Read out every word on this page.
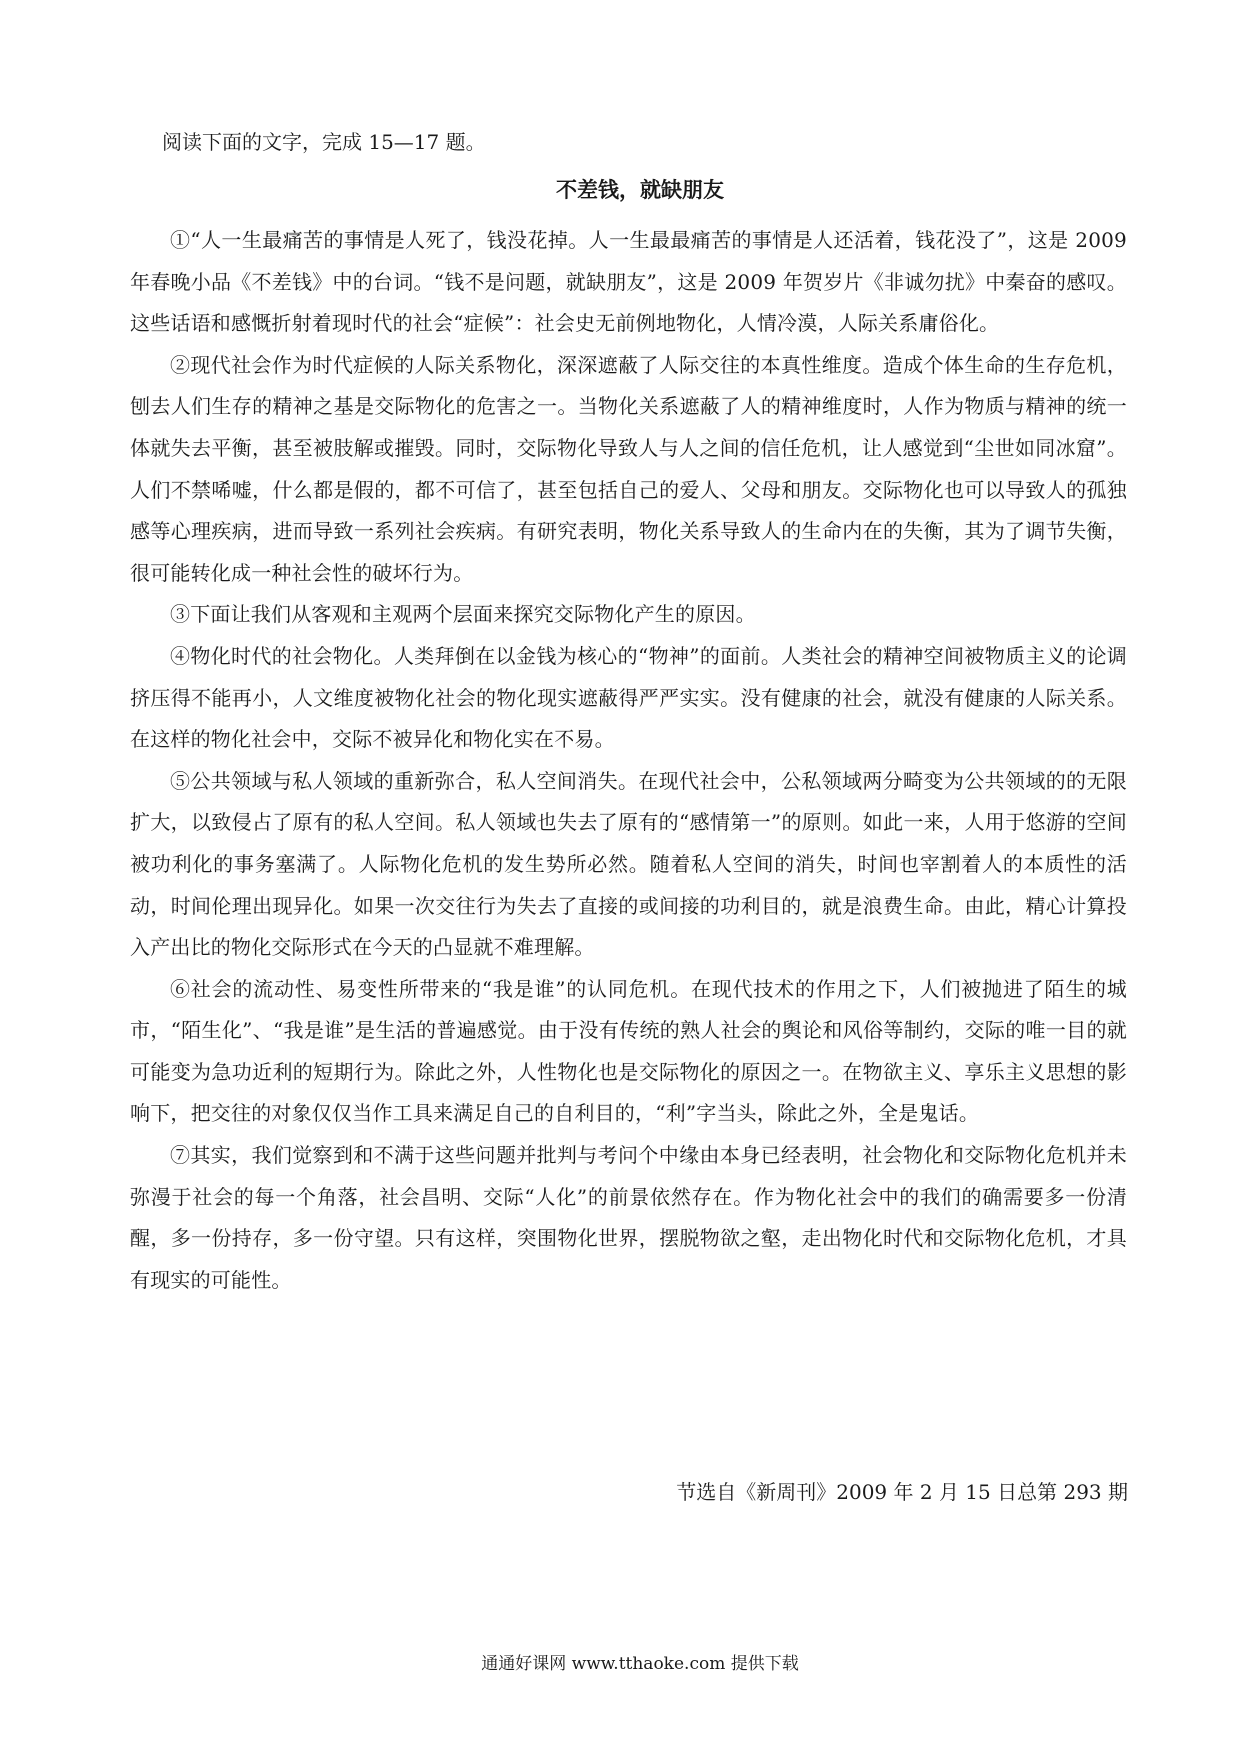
阅读下面的文字，完成 15—17 题。
不差钱，就缺朋友

①“人一生最痛苦的事情是人死了，钱没花掉。人一生最最痛苦的事情是人还活着，钱花没了”，这是 2009 年春晚小品《不差钱》中的台词。“钱不是问题，就缺朋友”，这是 2009 年贺岁片《非诚勿扰》中秦奋的感叹。这些话语和感慨折射着现时代的社会“症候”：社会史无前例地物化，人情冷漠，人际关系庸俗化。

②现代社会作为时代症候的人际关系物化，深深遮蔽了人际交往的本真性维度。造成个体生命的生存危机，刨去人们生存的精神之基是交际物化的危害之一。当物化关系遮蔽了人的精神维度时，人作为物质与精神的统一体就失去平衡，甚至被肢解或摧毁。同时，交际物化导致人与人之间的信任危机，让人感觉到“尘世如同冰窟”。人们不禁唏嘘，什么都是假的，都不可信了，甚至包括自己的爱人、父母和朋友。交际物化也可以导致人的孤独感等心理疾病，进而导致一系列社会疾病。有研究表明，物化关系导致人的生命内在的失衡，其为了调节失衡，很可能转化成一种社会性的破坏行为。

③下面让我们从客观和主观两个层面来探究交际物化产生的原因。

④物化时代的社会物化。人类拜倒在以金钱为核心的“物神”的面前。人类社会的精神空间被物质主义的论调挤压得不能再小，人文维度被物化社会的物化现实遮蔽得严严实实。没有健康的社会，就没有健康的人际关系。在这样的物化社会中，交际不被异化和物化实在不易。

⑤公共领域与私人领域的重新弥合，私人空间消失。在现代社会中，公私领域两分畸变为公共领域的的无限扩大，以致侵占了原有的私人空间。私人领域也失去了原有的“感情第一”的原则。如此一来，人用于悠游的空间被功利化的事务塞满了。人际物化危机的发生势所必然。随着私人空间的消失，时间也宰割着人的本质性的活动，时间伦理出现异化。如果一次交往行为失去了直接的或间接的功利目的，就是浪费生命。由此，精心计算投入产出比的物化交际形式在今天的凸显就不难理解。

⑥社会的流动性、易变性所带来的“我是谁”的认同危机。在现代技术的作用之下，人们被抛进了陌生的城市，“陌生化”、“我是谁”是生活的普遍感觉。由于没有传统的熟人社会的舆论和风俗等制约，交际的唯一目的就可能变为急功近利的短期行为。除此之外，人性物化也是交际物化的原因之一。在物欲主义、享乐主义思想的影响下，把交往的对象仅仅当作工具来满足自己的自利目的，“利”字当头，除此之外，全是鬼话。

⑦其实，我们觉察到和不满于这些问题并批判与考问个中缘由本身已经表明，社会物化和交际物化危机并未弥漫于社会的每一个角落，社会昌明、交际“人化”的前景依然存在。作为物化社会中的我们的确需要多一份清醒，多一份持存，多一份守望。只有这样，突围物化世界，摆脱物欲之壑，走出物化时代和交际物化危机，才具有现实的可能性。

节选自《新周刊》2009 年 2 月 15 日总第 293 期
通通好课网 www.tthaoke.com 提供下载
